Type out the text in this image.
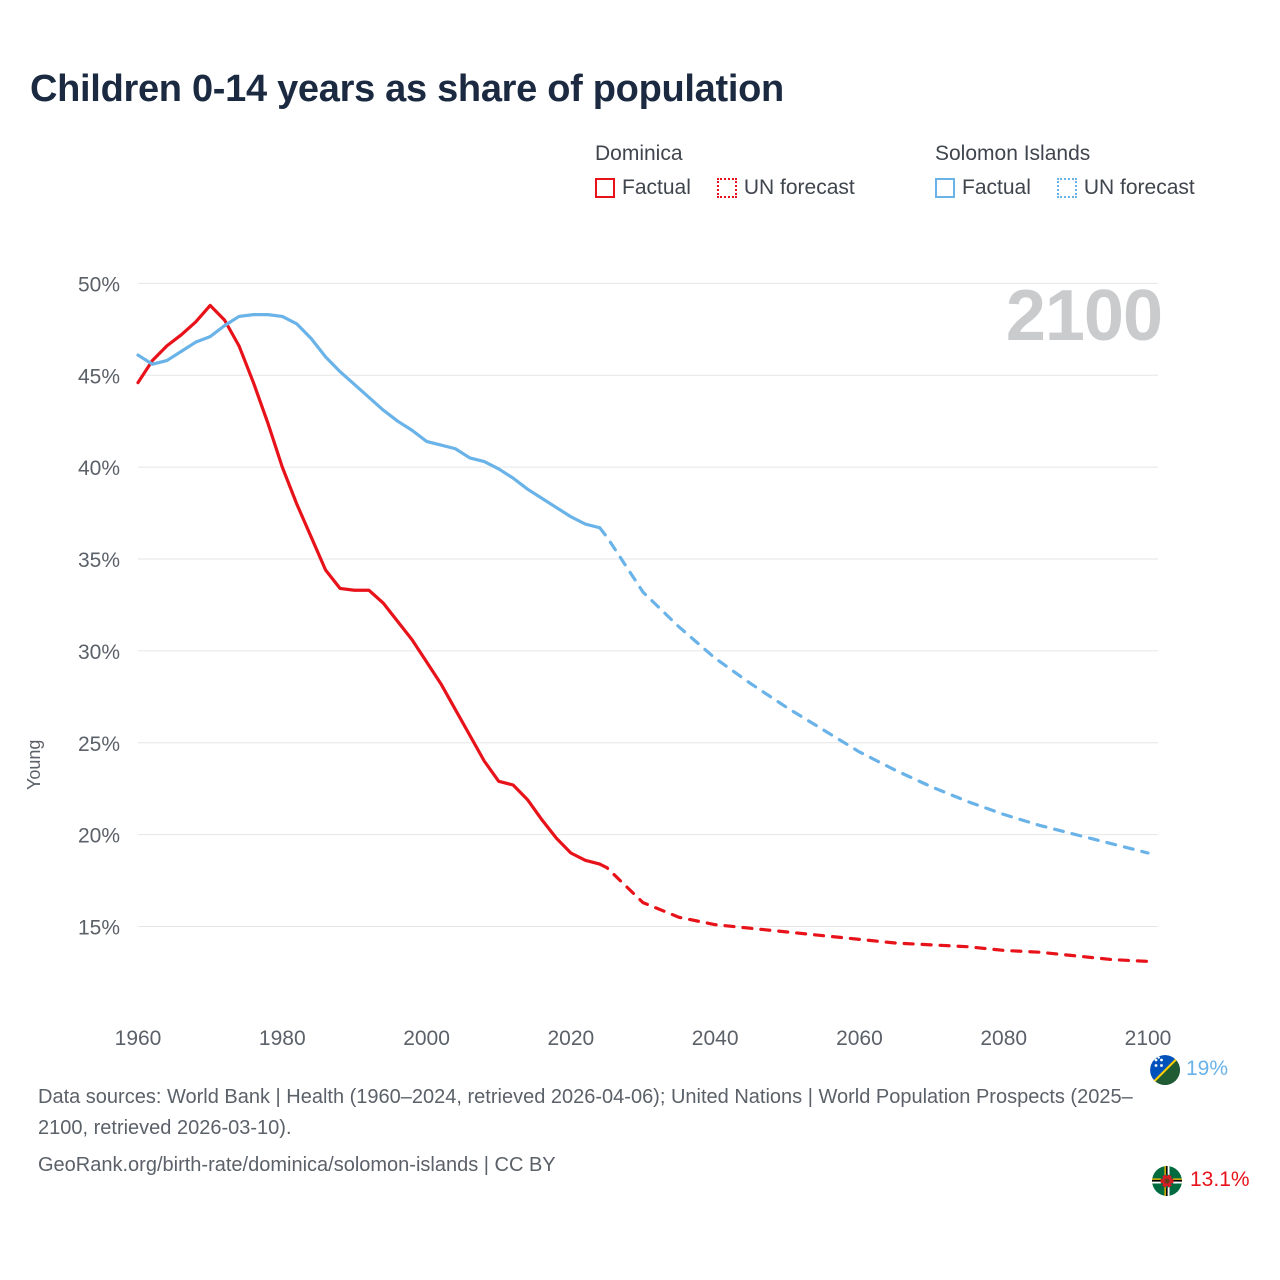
Children 0-14 years as share of population
Dominica
Factual	UN forecast
Solomon Islands
Factual	UN forecast
Young
2100
15%
20%
25%
30%
35%
40%
45%
50%
1960	1980	2000	2020	2040	2060	2080	2100
19%
13.1%
Data sources: World Bank | Health (1960–2024, retrieved 2026-04-06); United Nations | World Population Prospects (2025–2100, retrieved 2026-03-10).
GeoRank.org/birth-rate/dominica/solomon-islands | CC BY
